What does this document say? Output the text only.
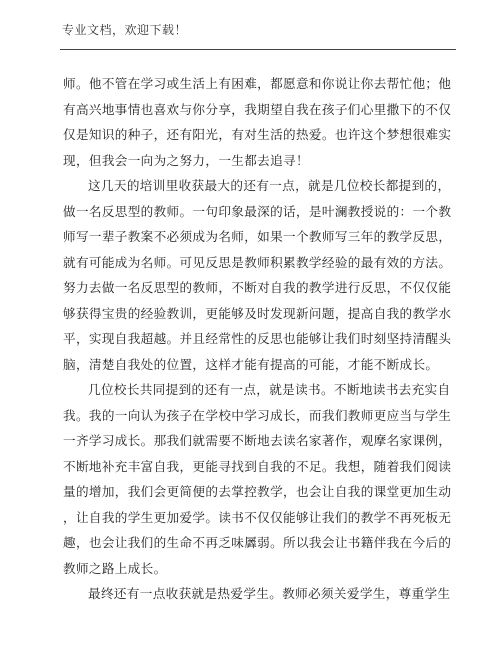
专业文档，欢迎下载！
师。他不管在学习或生活上有困难，都愿意和你说让你去帮忙他；他
有高兴地事情也喜欢与你分享，我期望自我在孩子们心里撒下的不仅
仅是知识的种子，还有阳光，有对生活的热爱。也许这个梦想很难实
现，但我会一向为之努力，一生都去追寻！
这几天的培训里收获最大的还有一点，就是几位校长都提到的，
做一名反思型的教师。一句印象最深的话，是叶澜教授说的：一个教
师写一辈子教案不必须成为名师，如果一个教师写三年的教学反思，
就有可能成为名师。可见反思是教师积累教学经验的最有效的方法。
努力去做一名反思型的教师，不断对自我的教学进行反思，不仅仅能
够获得宝贵的经验教训，更能够及时发现新问题，提高自我的教学水
平，实现自我超越。并且经常性的反思也能够让我们时刻坚持清醒头
脑，清楚自我处的位置，这样才能有提高的可能，才能不断成长。
几位校长共同提到的还有一点，就是读书。不断地读书去充实自
我。我的一向认为孩子在学校中学习成长，而我们教师更应当与学生
一齐学习成长。那我们就需要不断地去读名家著作，观摩名家课例，
不断地补充丰富自我，更能寻找到自我的不足。我想，随着我们阅读
量的增加，我们会更简便的去掌控教学，也会让自我的课堂更加生动
，让自我的学生更加爱学。读书不仅仅能够让我们的教学不再死板无
趣，也会让我们的生命不再乏味羼弱。所以我会让书籍伴我在今后的
教师之路上成长。
最终还有一点收获就是热爱学生。教师必须关爱学生，尊重学生
